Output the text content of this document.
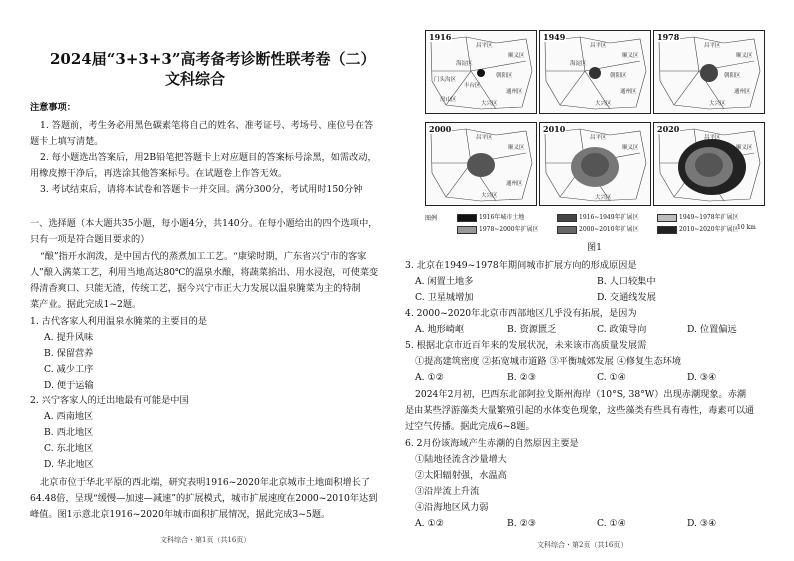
2024届“3+3+3”高考备考诊断性联考卷（二）
文科综合
注意事项：
1. 答题前，考生务必用黑色碳素笔将自己的姓名、准考证号、考场号、座位号在答
题卡上填写清楚。
2. 每小题选出答案后，用2B铅笔把答题卡上对应题目的答案标号涂黑，如需改动，
用橡皮擦干净后，再选涂其他答案标号。在试题卷上作答无效。
3. 考试结束后，请将本试卷和答题卡一并交回。满分300分，考试用时150分钟
一、选择题（本大题共35小题，每小题4分，共140分。在每小题给出的四个选项中，
只有一项是符合题目要求的）
“酿”指开水润泼，是中国古代的蒸煮加工工艺。“康梁时期，广东省兴宁市的客家
人”酿入满菜工艺，利用当地高达80℃的温泉水酿，将蔬菜掐出、用水浸泡，可使菜变
得清香爽口、只能无渣，传统工艺，据今兴宁市正大力发展以温泉腌菜为主的特制
菜产业。据此完成1~2题。
1. 古代客家人利用温泉水腌菜的主要目的是
A. 提升风味
B. 保留营养
C. 减少工序
D. 便于运输
2. 兴宁客家人的迁出地最有可能是中国
A. 西南地区
B. 西北地区
C. 东北地区
D. 华北地区
北京市位于华北平原的西北端，研究表明1916~2020年北京城市土地面积增长了
64.48倍，呈现“缓慢—加速—减速”的扩展模式，城市扩展速度在2000~2010年达到
峰值。图1示意北京1916~2020年城市面积扩展情况，据此完成3~5题。
文科综合・第1页（共16页）
1916
昌平区
顺义区
海淀区
朝阳区
门头沟区
丰台区
通州区
房山区
大兴区
1949
昌平区
顺义区
海淀区
朝阳区
通州区
大兴区
1978
昌平区
顺义区
朝阳区
通州区
大兴区
2000
昌平区
顺义区
通州区
大兴区
2010
昌平区
顺义区
大兴区
2020
昌平区
顺义区
图例	1916年城市土地	1916~1949年扩展区	1949~1978年扩展区
1978~2000年扩展区	2000~2010年扩展区	2010~2020年扩展区
10 km
图1
3. 北京在1949~1978年期间城市扩展方向的形成原因是
A. 闲置土地多	B. 人口较集中
C. 卫星城增加	D. 交通线发展
4. 2000~2020年北京市西部地区几乎没有拓展，是因为
A. 地形崎岖	B. 资源匮乏	C. 政策导向	D. 位置偏远
5. 根据北京市近百年来的发展状况，未来该市高质量发展需
①提高建筑密度 ②拓宽城市道路 ③平衡城郊发展 ④修复生态环境
A. ①②	B. ②③	C. ①④	D. ③④
2024年2月初，巴西东北部阿拉戈斯州海岸（10°S, 38°W）出现赤潮现象。赤潮
是由某些浮游藻类大量繁殖引起的水体变色现象，这些藻类有些具有毒性，毒素可以通
过空气传播。据此完成6~8题。
6. 2月份该海域产生赤潮的自然原因主要是
①陆地径流含沙量增大
②太阳辐射强，水温高
③沿岸流上升流
④沿海地区风力弱
A. ①②	B. ②③	C. ①④	D. ③④
文科综合・第2页（共16页）
